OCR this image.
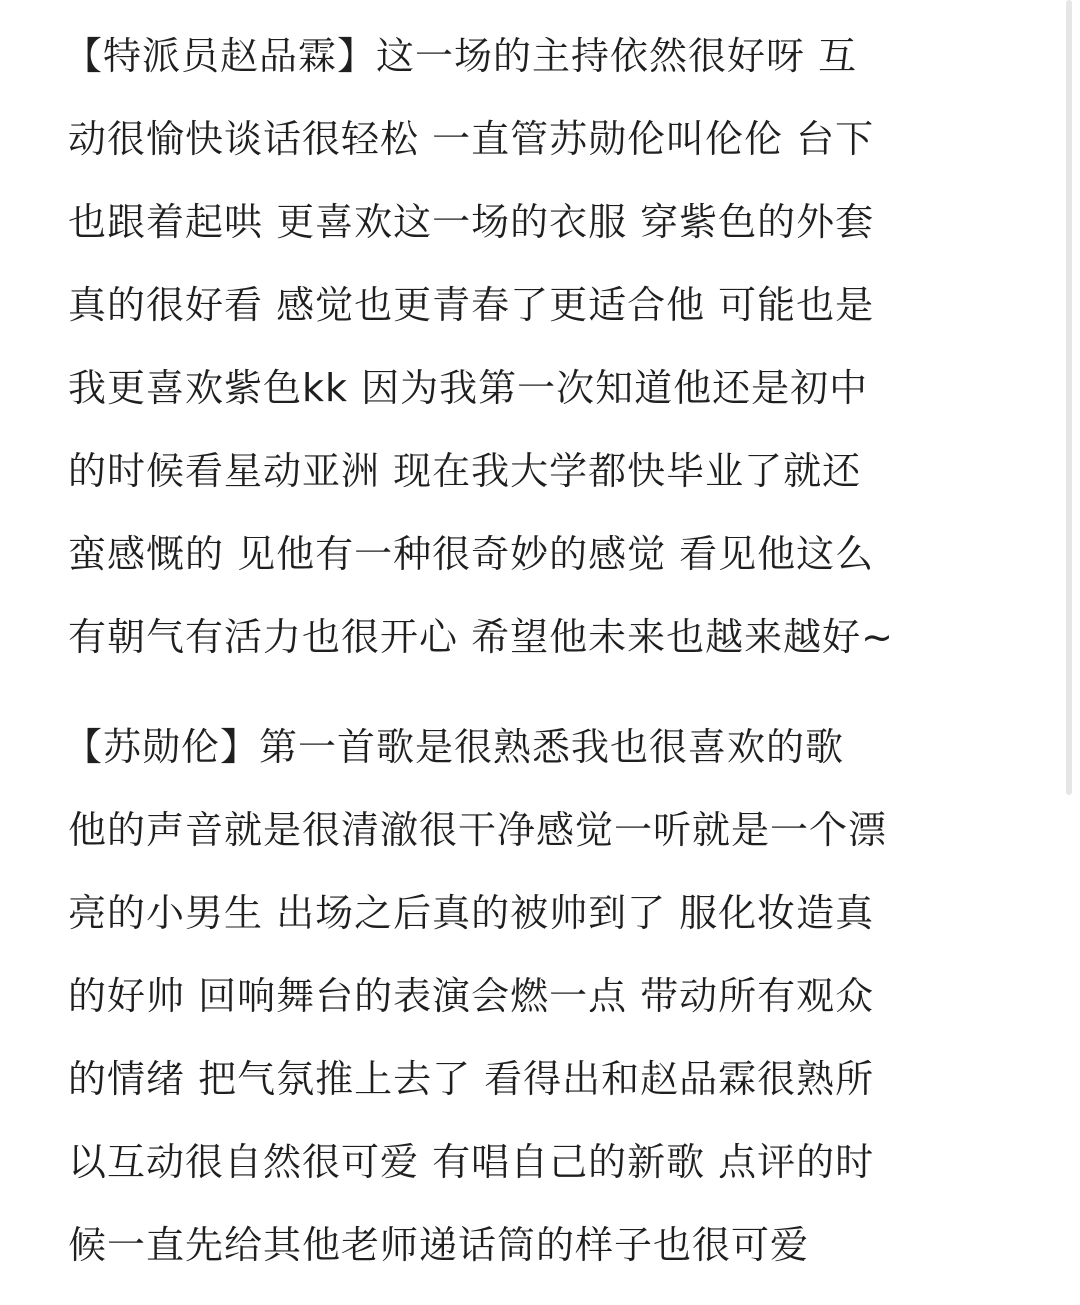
【特派员赵品霖】这一场的主持依然很好呀 互
动很愉快谈话很轻松 一直管苏勋伦叫伦伦 台下
也跟着起哄 更喜欢这一场的衣服 穿紫色的外套
真的很好看 感觉也更青春了更适合他 可能也是
我更喜欢紫色kk 因为我第一次知道他还是初中
的时候看星动亚洲 现在我大学都快毕业了就还
蛮感慨的 见他有一种很奇妙的感觉 看见他这么
有朝气有活力也很开心 希望他未来也越来越好~
【苏勋伦】第一首歌是很熟悉我也很喜欢的歌
他的声音就是很清澈很干净感觉一听就是一个漂
亮的小男生 出场之后真的被帅到了 服化妆造真
的好帅 回响舞台的表演会燃一点 带动所有观众
的情绪 把气氛推上去了 看得出和赵品霖很熟所
以互动很自然很可爱 有唱自己的新歌 点评的时
候一直先给其他老师递话筒的样子也很可爱
